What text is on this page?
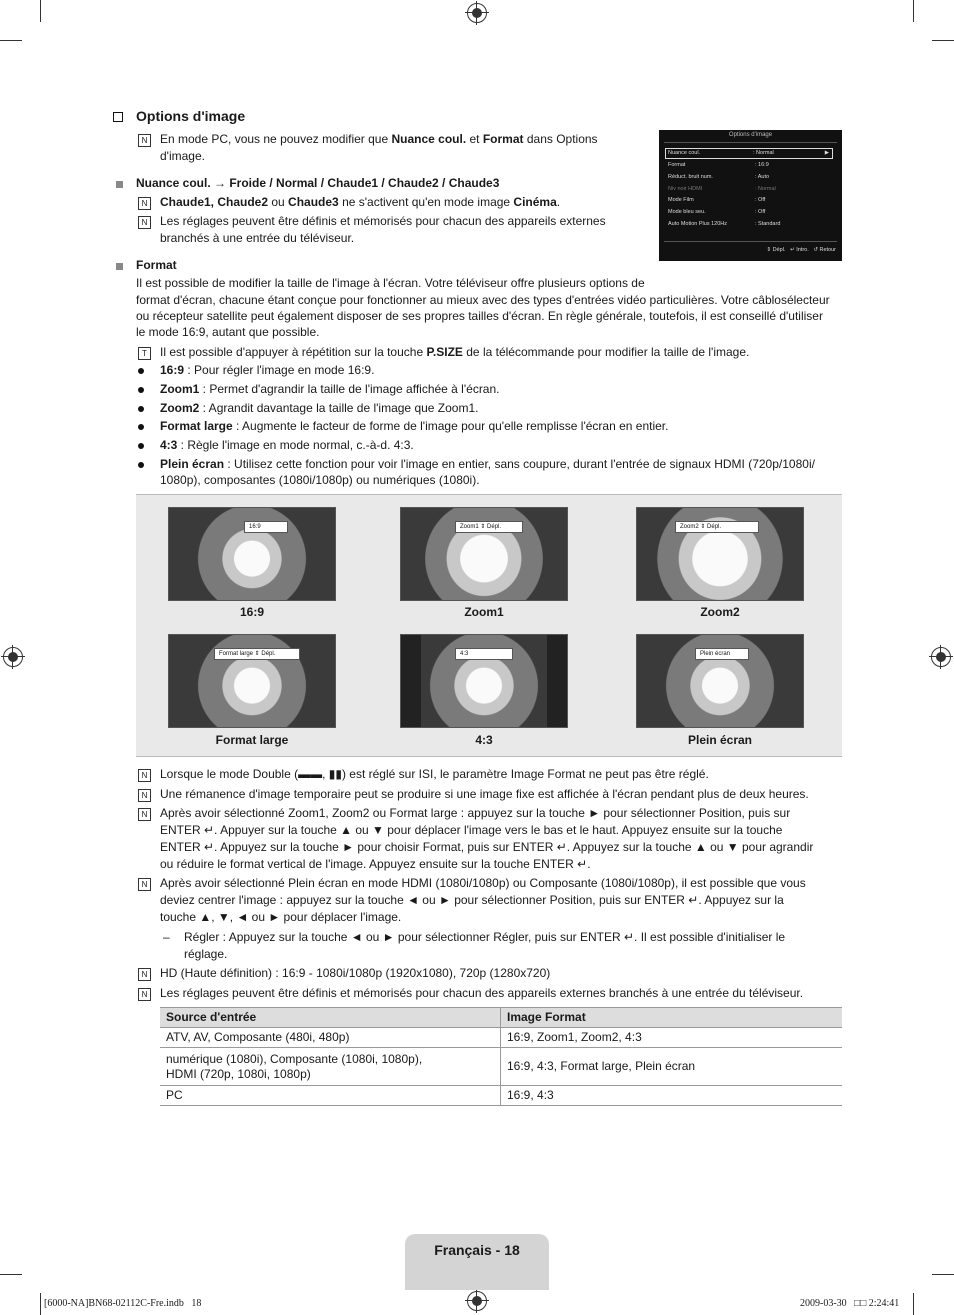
Options d'image
N	En mode PC, vous ne pouvez modifier que Nuance coul. et Format dans Options
d'image.
Options d'image
Nuance coul.	: Normal	▶
Format	: 16:9
Réduct. bruit num.	: Auto
Niv noir HDMI	: Normal
Mode Film	: Off
Mode bleu seu.	: Off
Auto Motion Plus 120Hz	: Standard
⇕ Dépl. ↵ Intro. ↺ Retour
Nuance coul. → Froide / Normal / Chaude1 / Chaude2 / Chaude3
N	Chaude1, Chaude2 ou Chaude3 ne s'activent qu'en mode image Cinéma.
N	Les réglages peuvent être définis et mémorisés pour chacun des appareils externes
branchés à une entrée du téléviseur.
Format
Il est possible de modifier la taille de l'image à l'écran. Votre téléviseur offre plusieurs options de
format d'écran, chacune étant conçue pour fonctionner au mieux avec des types d'entrées vidéo particulières. Votre câblosélecteur
ou récepteur satellite peut également disposer de ses propres tailles d'écran. En règle générale, toutefois, il est conseillé d'utiliser
le mode 16:9, autant que possible.
T	Il est possible d'appuyer à répétition sur la touche P.SIZE de la télécommande pour modifier la taille de l'image.
16:9 : Pour régler l'image en mode 16:9.
Zoom1 : Permet d'agrandir la taille de l'image affichée à l'écran.
Zoom2 : Agrandit davantage la taille de l'image que Zoom1.
Format large : Augmente le facteur de forme de l'image pour qu'elle remplisse l'écran en entier.
4:3 : Règle l'image en mode normal, c.-à-d. 4:3.
Plein écran : Utilisez cette fonction pour voir l'image en entier, sans coupure, durant l'entrée de signaux HDMI (720p/1080i/
1080p), composantes (1080i/1080p) ou numériques (1080i).
16:9
16:9
Zoom1 ⇕ Dépl.
Zoom1
Zoom2 ⇕ Dépl.
Zoom2
Format large ⇕ Dépl.
Format large
4:3
4:3
Plein écran
Plein écran
N	Lorsque le mode Double (▬▬, ▮▮) est réglé sur ISI, le paramètre Image Format ne peut pas être réglé.
N	Une rémanence d'image temporaire peut se produire si une image fixe est affichée à l'écran pendant plus de deux heures.
N	Après avoir sélectionné Zoom1, Zoom2 ou Format large : appuyez sur la touche ► pour sélectionner Position, puis sur
ENTER ↵. Appuyer sur la touche ▲ ou ▼ pour déplacer l'image vers le bas et le haut. Appuyez ensuite sur la touche
ENTER ↵. Appuyez sur la touche ► pour choisir Format, puis sur ENTER ↵. Appuyez sur la touche ▲ ou ▼ pour agrandir
ou réduire le format vertical de l'image. Appuyez ensuite sur la touche ENTER ↵.
N	Après avoir sélectionné Plein écran en mode HDMI (1080i/1080p) ou Composante (1080i/1080p), il est possible que vous
deviez centrer l'image : appuyez sur la touche ◄ ou ► pour sélectionner Position, puis sur ENTER ↵. Appuyez sur la
touche ▲, ▼, ◄ ou ► pour déplacer l'image.
– Régler : Appuyez sur la touche ◄ ou ► pour sélectionner Régler, puis sur ENTER ↵. Il est possible d'initialiser le
réglage.
N	HD (Haute définition) : 16:9 - 1080i/1080p (1920x1080), 720p (1280x720)
N	Les réglages peuvent être définis et mémorisés pour chacun des appareils externes branchés à une entrée du téléviseur.
Source d'entrée	Image Format
ATV, AV, Composante (480i, 480p)	16:9, Zoom1, Zoom2, 4:3
numérique (1080i), Composante (1080i, 1080p),
HDMI (720p, 1080i, 1080p)	16:9, 4:3, Format large, Plein écran
PC	16:9, 4:3
Français - 18
[6000-NA]BN68-02112C-Fre.indb   18	2009-03-30   □□ 2:24:41
